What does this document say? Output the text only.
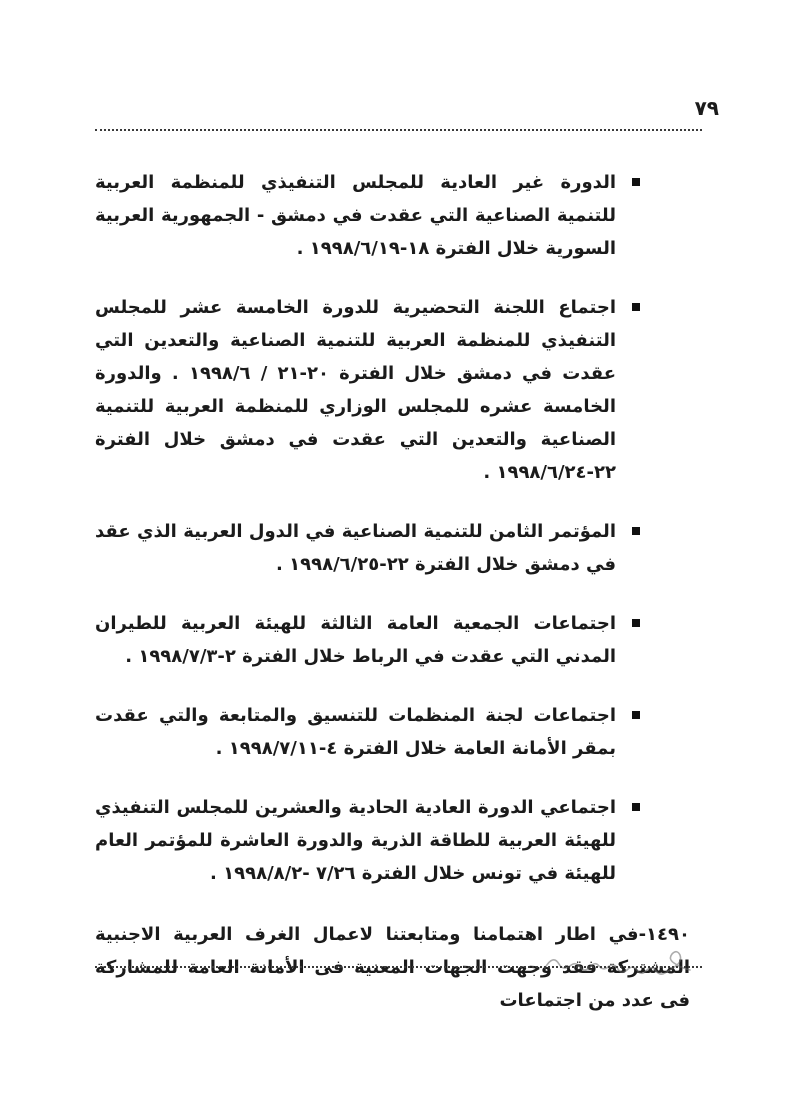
٧٩
الدورة غير العادية للمجلس التنفيذي للمنظمة العربية للتنمية الصناعية التي عقدت في دمشق - الجمهورية العربية السورية خلال الفترة ١٨-١٩٩٨/٦/١٩ .
اجتماع اللجنة التحضيرية للدورة الخامسة عشر للمجلس التنفيذي للمنظمة العربية للتنمية الصناعية والتعدين التي عقدت في دمشق خلال الفترة ٢٠-٢١ / ١٩٩٨/٦ . والدورة الخامسة عشره للمجلس الوزاري للمنظمة العربية للتنمية الصناعية والتعدين التي عقدت في دمشق خلال الفترة ٢٢-١٩٩٨/٦/٢٤ .
المؤتمر الثامن للتنمية الصناعية في الدول العربية الذي عقد في دمشق خلال الفترة ٢٢-١٩٩٨/٦/٢٥ .
اجتماعات الجمعية العامة الثالثة للهيئة العربية للطيران المدني التي عقدت في الرباط خلال الفترة ٢-١٩٩٨/٧/٣ .
اجتماعات لجنة المنظمات للتنسيق والمتابعة والتي عقدت بمقر الأمانة العامة خلال الفترة ٤-١٩٩٨/٧/١١ .
اجتماعي الدورة العادية الحادية والعشرين للمجلس التنفيذي للهيئة العربية للطاقة الذرية والدورة العاشرة للمؤتمر العام للهيئة في تونس خلال الفترة ٧/٢٦ -١٩٩٨/٨/٢ .

١٤٩٠-في اطار اهتمامنا ومتابعتنا لاعمال الغرف العربية الاجنبية المشتركة فقد وجهت الجهات المعنية فى الأمانة العامة للمشاركة فى عدد من اجتماعات
